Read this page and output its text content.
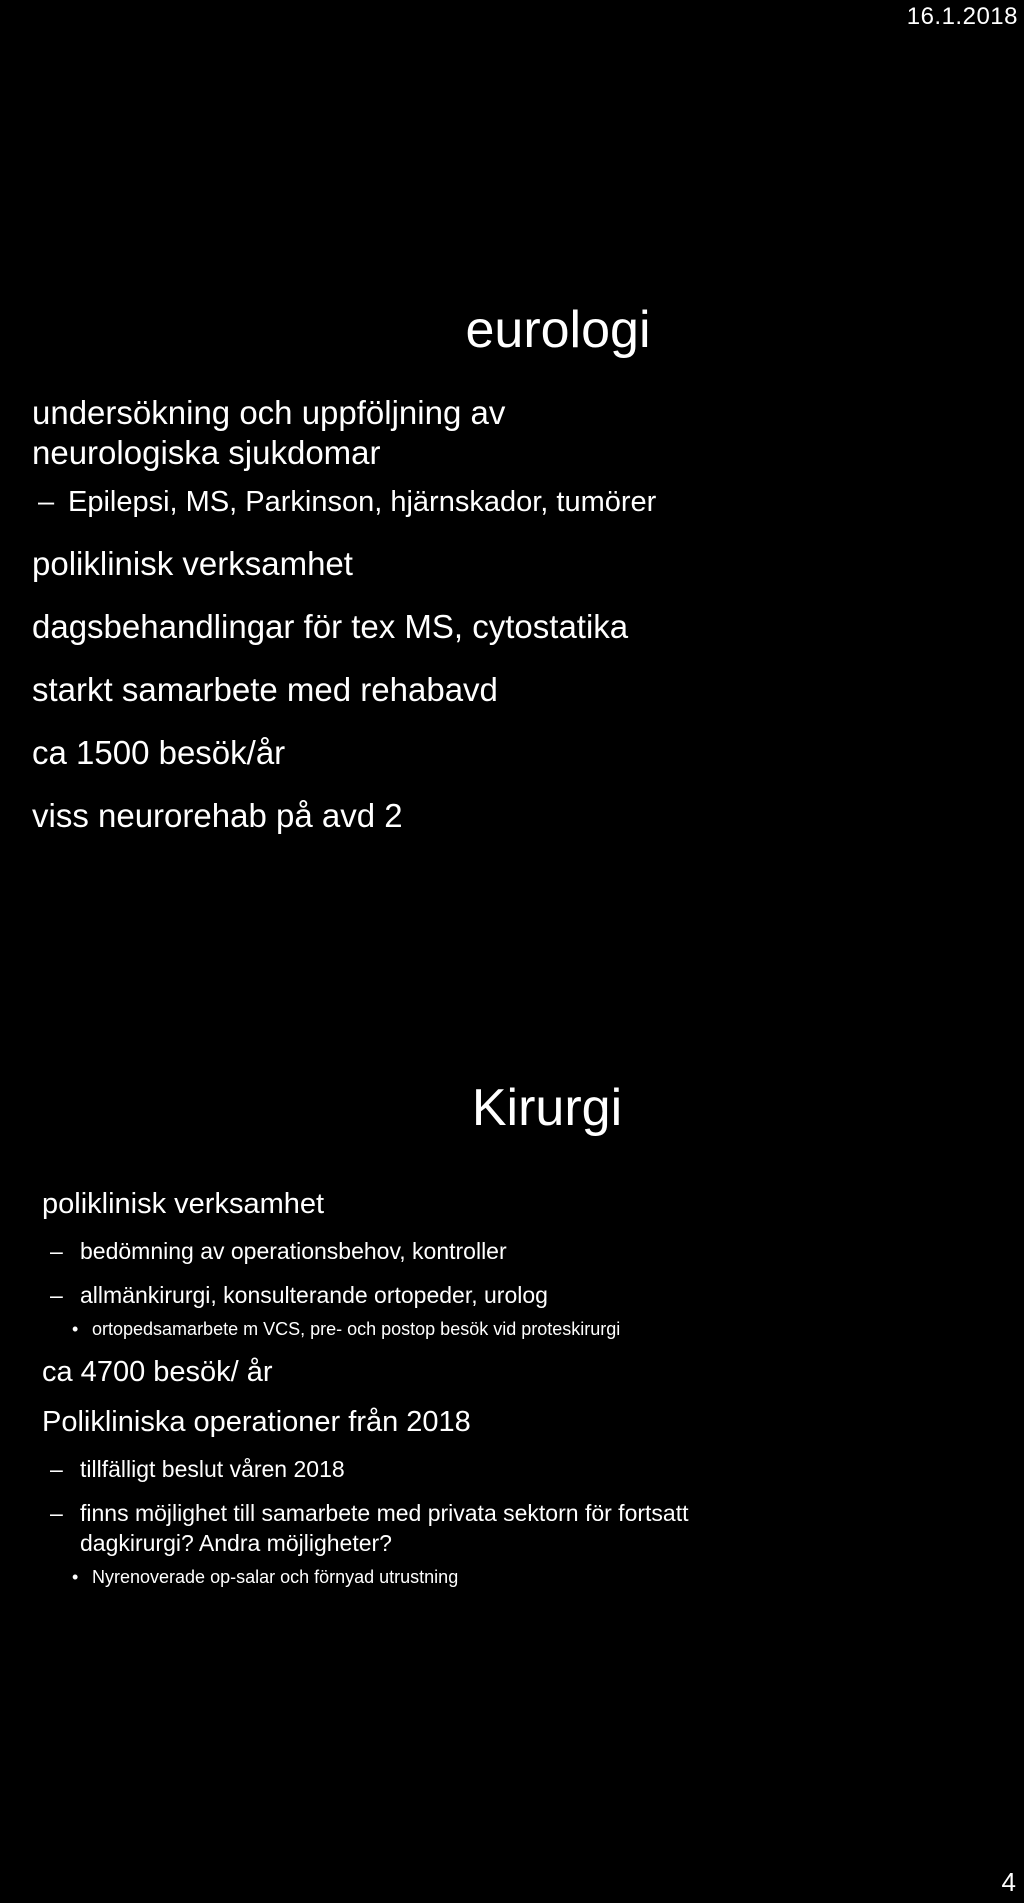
16.1.2018
eurologi
undersökning och uppföljning av
neurologiska sjukdomar
– Epilepsi, MS, Parkinson, hjärnskador, tumörer
poliklinisk verksamhet
dagsbehandlingar för tex MS, cytostatika
starkt samarbete med rehabavd
ca 1500 besök/år
viss neurorehab på avd 2
Kirurgi
poliklinisk verksamhet
– bedömning av operationsbehov, kontroller
– allmänkirurgi, konsulterande ortopeder, urolog
• ortopedsamarbete m VCS, pre- och postop besök vid proteskirurgi
ca 4700 besök/ år
Polikliniska operationer från 2018
– tillfälligt beslut våren 2018
– finns möjlighet till samarbete med privata sektorn för fortsatt dagkirurgi? Andra möjligheter?
• Nyrenoverade op-salar och förnyad utrustning
4
